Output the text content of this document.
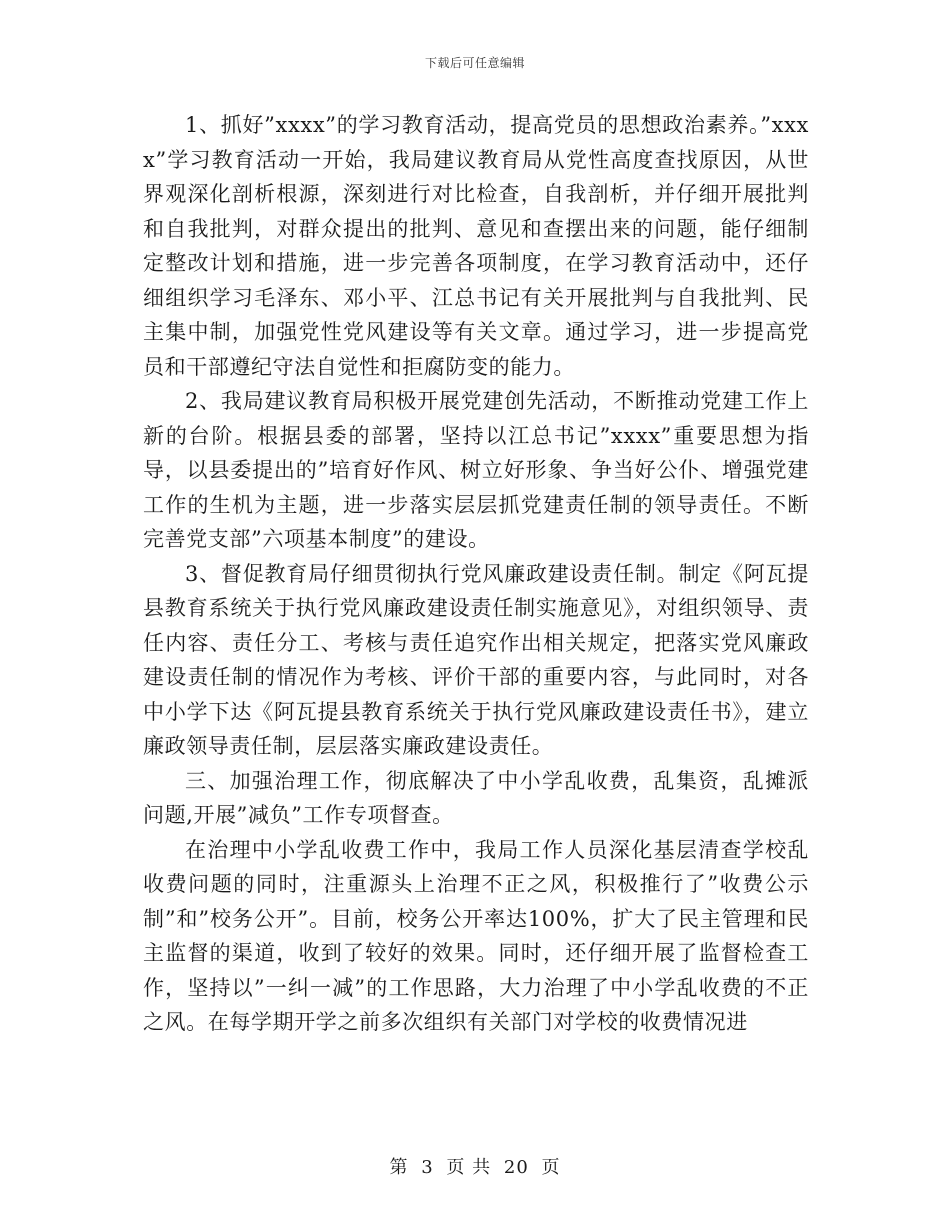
下载后可任意编辑

1、抓好”xxxx”的学习教育活动，提高党员的思想政治素养。”xxxx”学习教育活动一开始，我局建议教育局从党性高度查找原因，从世界观深化剖析根源，深刻进行对比检查，自我剖析，并仔细开展批判和自我批判，对群众提出的批判、意见和查摆出来的问题，能仔细制定整改计划和措施，进一步完善各项制度，在学习教育活动中，还仔细组织学习毛泽东、邓小平、江总书记有关开展批判与自我批判、民主集中制，加强党性党风建设等有关文章。通过学习，进一步提高党员和干部遵纪守法自觉性和拒腐防变的能力。

2、我局建议教育局积极开展党建创先活动，不断推动党建工作上新的台阶。根据县委的部署，坚持以江总书记”xxxx”重要思想为指导，以县委提出的”培育好作风、树立好形象、争当好公仆、增强党建工作的生机为主题，进一步落实层层抓党建责任制的领导责任。不断完善党支部”六项基本制度”的建设。

3、督促教育局仔细贯彻执行党风廉政建设责任制。制定《阿瓦提县教育系统关于执行党风廉政建设责任制实施意见》，对组织领导、责任内容、责任分工、考核与责任追究作出相关规定，把落实党风廉政建设责任制的情况作为考核、评价干部的重要内容，与此同时，对各中小学下达《阿瓦提县教育系统关于执行党风廉政建设责任书》，建立廉政领导责任制，层层落实廉政建设责任。

三、加强治理工作，彻底解决了中小学乱收费，乱集资，乱摊派问题,开展”减负”工作专项督查。

在治理中小学乱收费工作中，我局工作人员深化基层清查学校乱收费问题的同时，注重源头上治理不正之风，积极推行了”收费公示制”和”校务公开”。目前，校务公开率达100%，扩大了民主管理和民主监督的渠道，收到了较好的效果。同时，还仔细开展了监督检查工作，坚持以”一纠一减”的工作思路，大力治理了中小学乱收费的不正之风。在每学期开学之前多次组织有关部门对学校的收费情况进

第 3 页 共 20 页
